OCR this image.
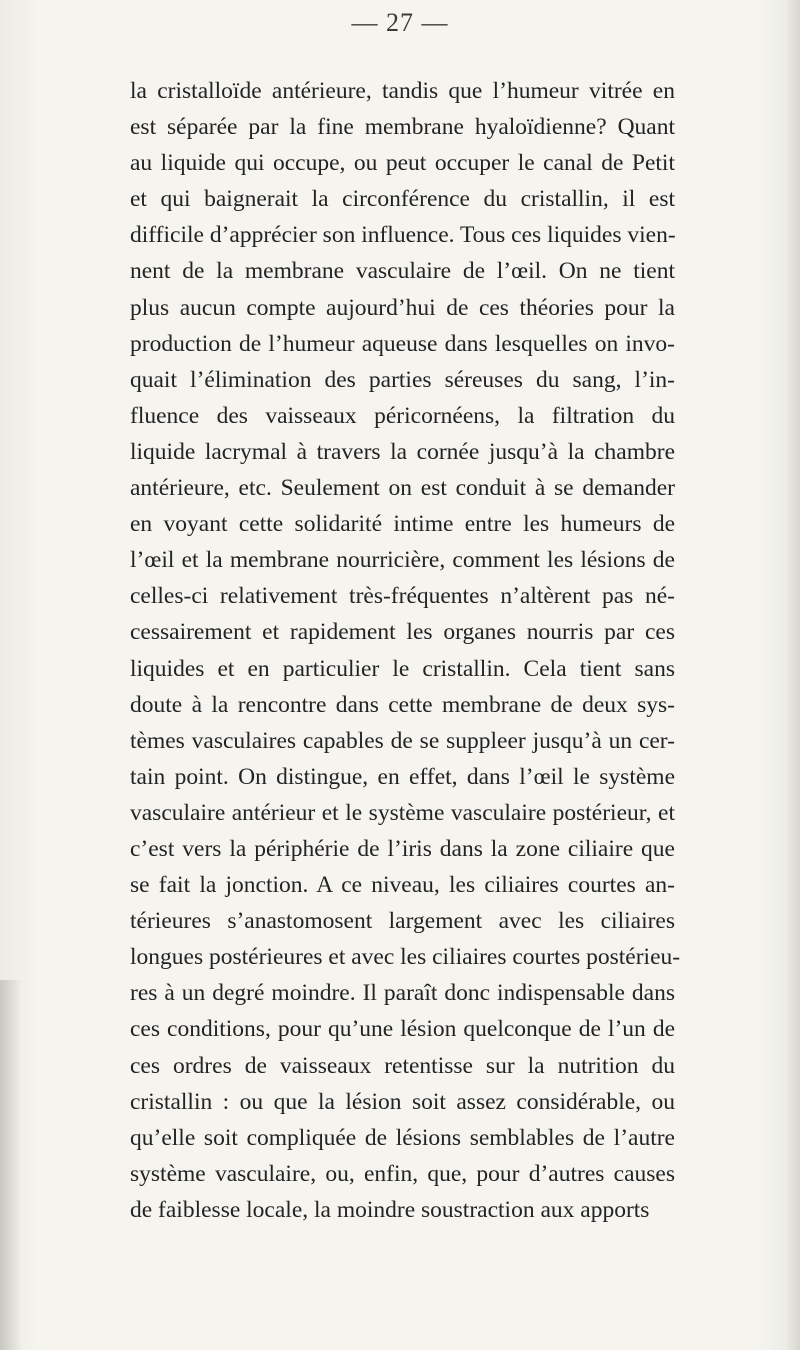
— 27 —
la cristalloïde antérieure, tandis que l’humeur vitrée en
est séparée par la fine membrane hyaloïdienne? Quant
au liquide qui occupe, ou peut occuper le canal de Petit
et qui baignerait la circonférence du cristallin, il est
difficile d’apprécier son influence. Tous ces liquides vien-
nent de la membrane vasculaire de l’œil. On ne tient
plus aucun compte aujourd’hui de ces théories pour la
production de l’humeur aqueuse dans lesquelles on invo-
quait l’élimination des parties séreuses du sang, l’in-
fluence des vaisseaux péricornéens, la filtration du
liquide lacrymal à travers la cornée jusqu’à la chambre
antérieure, etc. Seulement on est conduit à se demander
en voyant cette solidarité intime entre les humeurs de
l’œil et la membrane nourricière, comment les lésions de
celles-ci relativement très-fréquentes n’altèrent pas né-
cessairement et rapidement les organes nourris par ces
liquides et en particulier le cristallin. Cela tient sans
doute à la rencontre dans cette membrane de deux sys-
tèmes vasculaires capables de se suppleer jusqu’à un cer-
tain point. On distingue, en effet, dans l’œil le système
vasculaire antérieur et le système vasculaire postérieur, et
c’est vers la périphérie de l’iris dans la zone ciliaire que
se fait la jonction. A ce niveau, les ciliaires courtes an-
térieures s’anastomosent largement avec les ciliaires
longues postérieures et avec les ciliaires courtes postérieu-
res à un degré moindre. Il paraît donc indispensable dans
ces conditions, pour qu’une lésion quelconque de l’un de
ces ordres de vaisseaux retentisse sur la nutrition du
cristallin : ou que la lésion soit assez considérable, ou
qu’elle soit compliquée de lésions semblables de l’autre
système vasculaire, ou, enfin, que, pour d’autres causes
de faiblesse locale, la moindre soustraction aux apports
